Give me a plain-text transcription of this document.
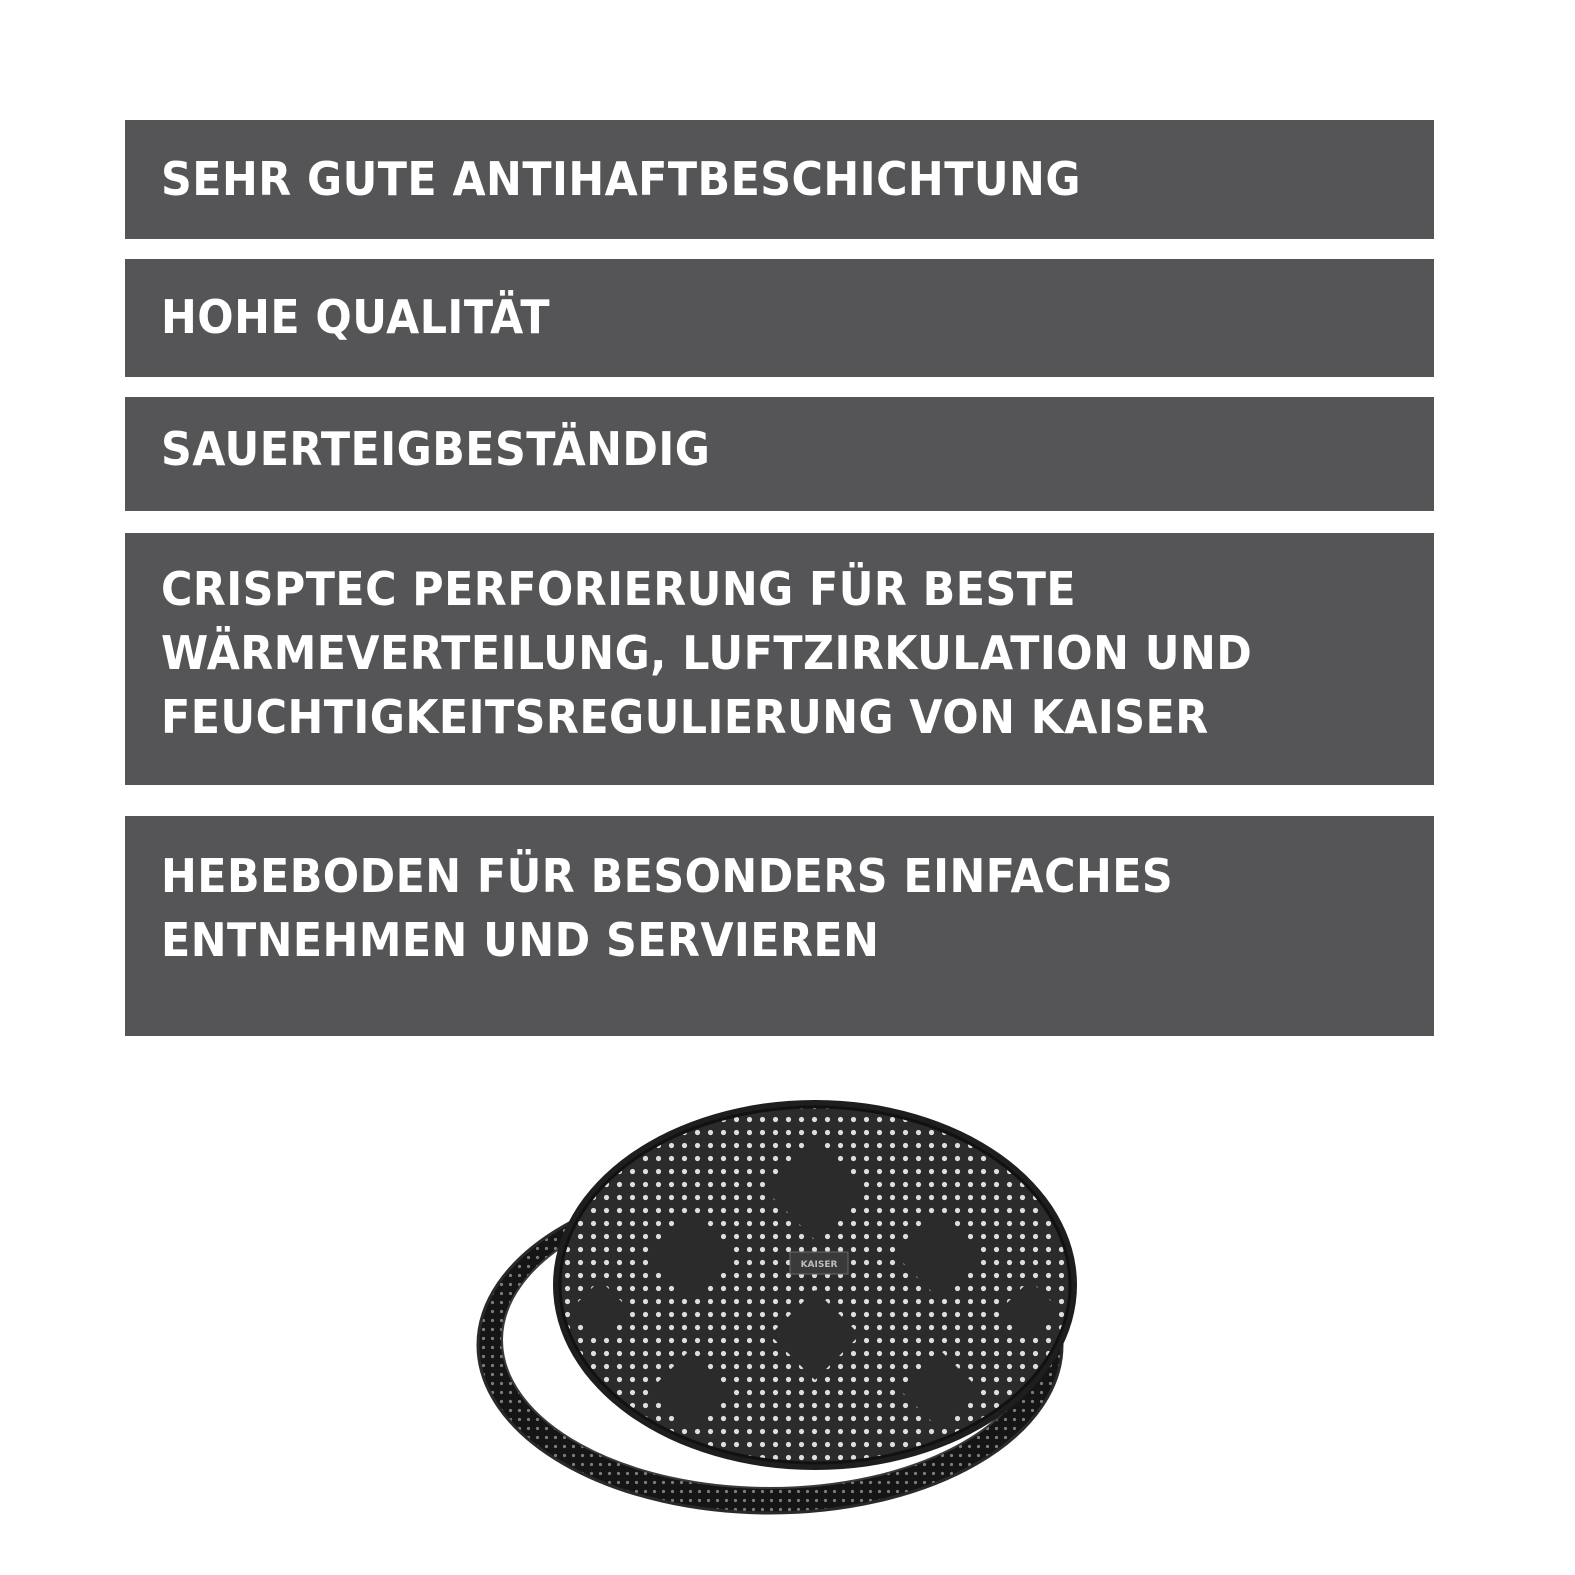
SEHR GUTE ANTIHAFTBESCHICHTUNG
HOHE QUALITÄT
SAUERTEIGBESTÄNDIG
CRISPTEC PERFORIERUNG FÜR BESTE
WÄRMEVERTEILUNG, LUFTZIRKULATION UND
FEUCHTIGKEITSREGULIERUNG VON KAISER
HEBEBODEN FÜR BESONDERS EINFACHES
ENTNEHMEN UND SERVIEREN
KAISER
